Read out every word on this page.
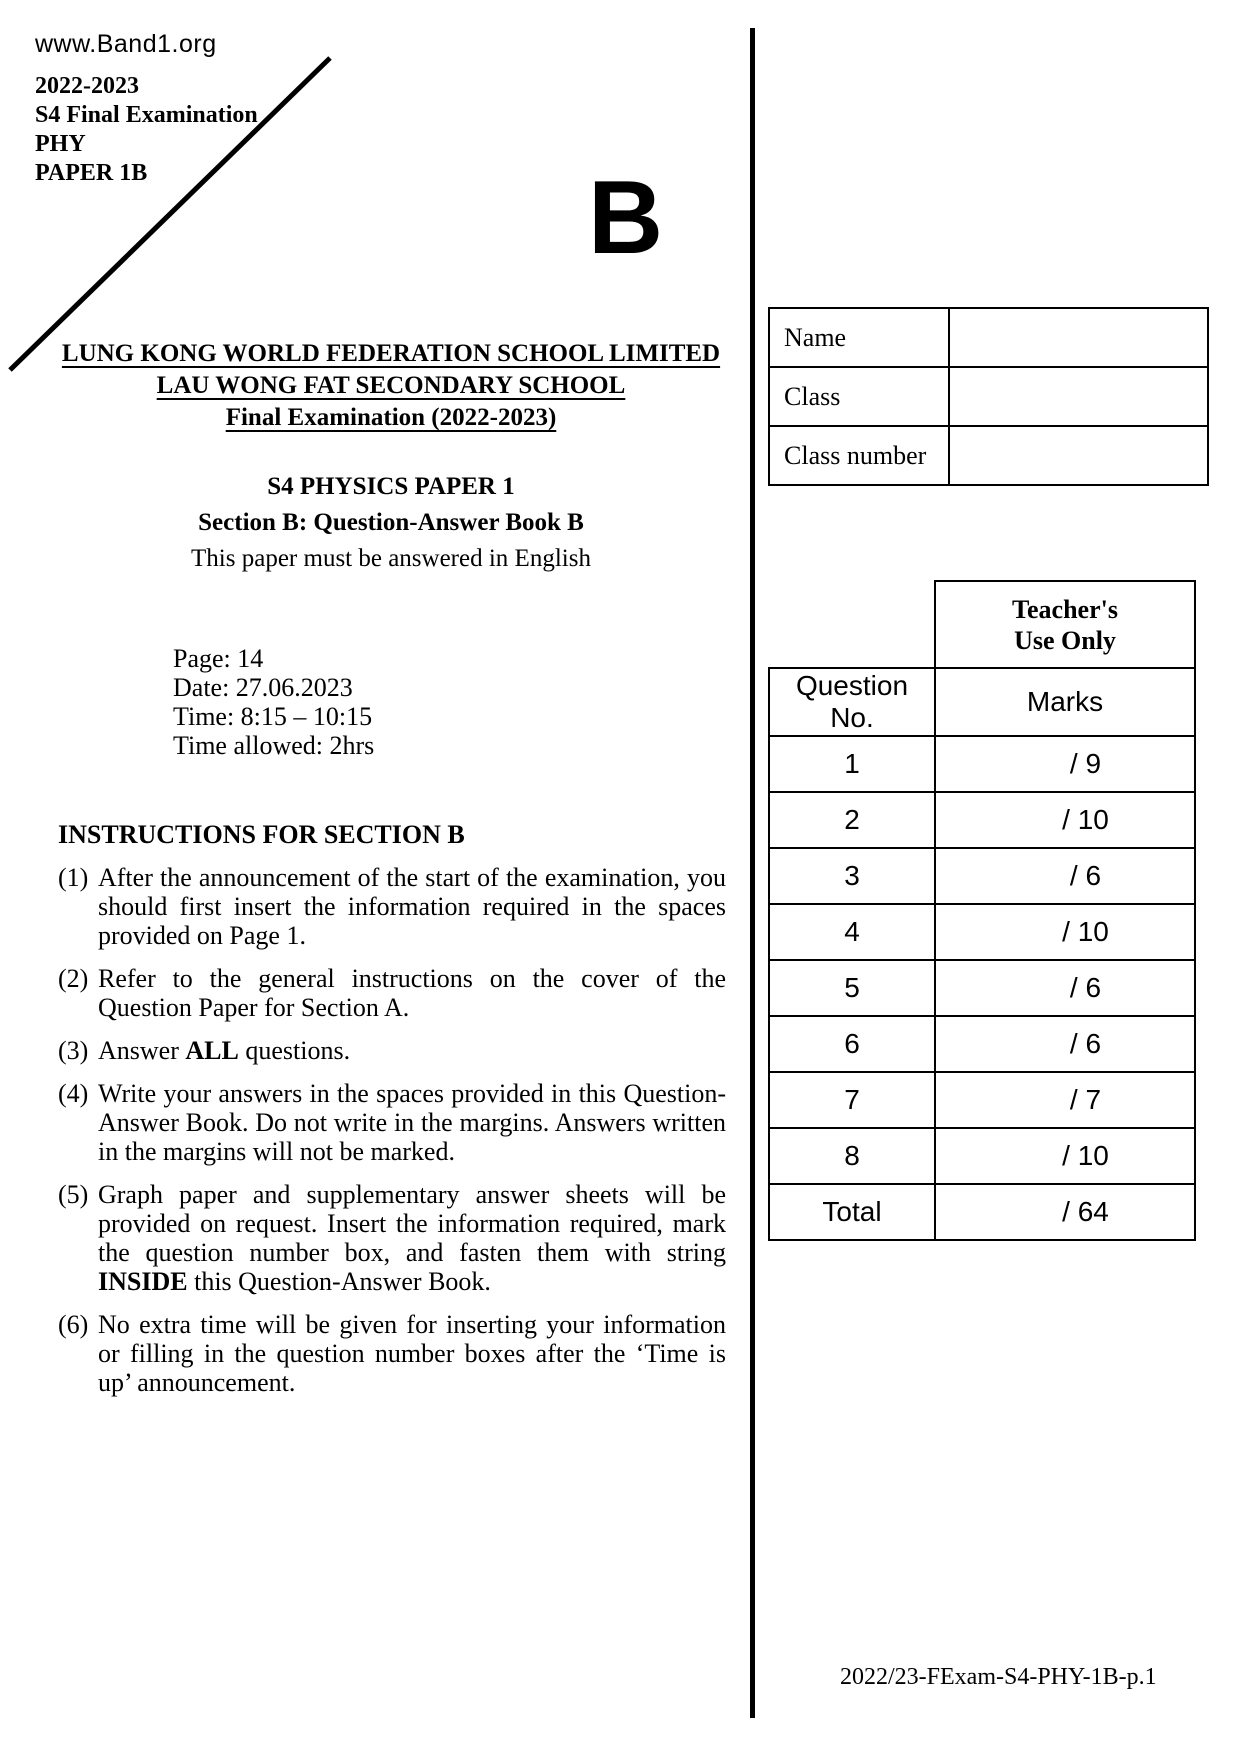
www.Band1.org
2022-2023
S4 Final Examination
PHY
PAPER 1B	B
LUNG KONG WORLD FEDERATION SCHOOL LIMITED
LAU WONG FAT SECONDARY SCHOOL
Final Examination (2022-2023)
S4 PHYSICS PAPER 1
Section B: Question-Answer Book B
This paper must be answered in English
Page: 14
Date: 27.06.2023
Time: 8:15 – 10:15
Time allowed: 2hrs
INSTRUCTIONS FOR SECTION B
(1) After the announcement of the start of the examination, you should first insert the information required in the spaces provided on Page 1.
(2) Refer to the general instructions on the cover of the Question Paper for Section A.
(3) Answer ALL questions.
(4) Write your answers in the spaces provided in this Question-Answer Book. Do not write in the margins. Answers written in the margins will not be marked.
(5) Graph paper and supplementary answer sheets will be provided on request. Insert the information required, mark the question number box, and fasten them with string INSIDE this Question-Answer Book.
(6) No extra time will be given for inserting your information or filling in the question number boxes after the ‘Time is up’ announcement.
Name	
Class	
Class number	

	Teacher's
Use Only

Question No.	Marks
1	/ 9
2	/ 10
3	/ 6
4	/ 10
5	/ 6
6	/ 6
7	/ 7
8	/ 10
Total	/ 64
2022/23-FExam-S4-PHY-1B-p.1
